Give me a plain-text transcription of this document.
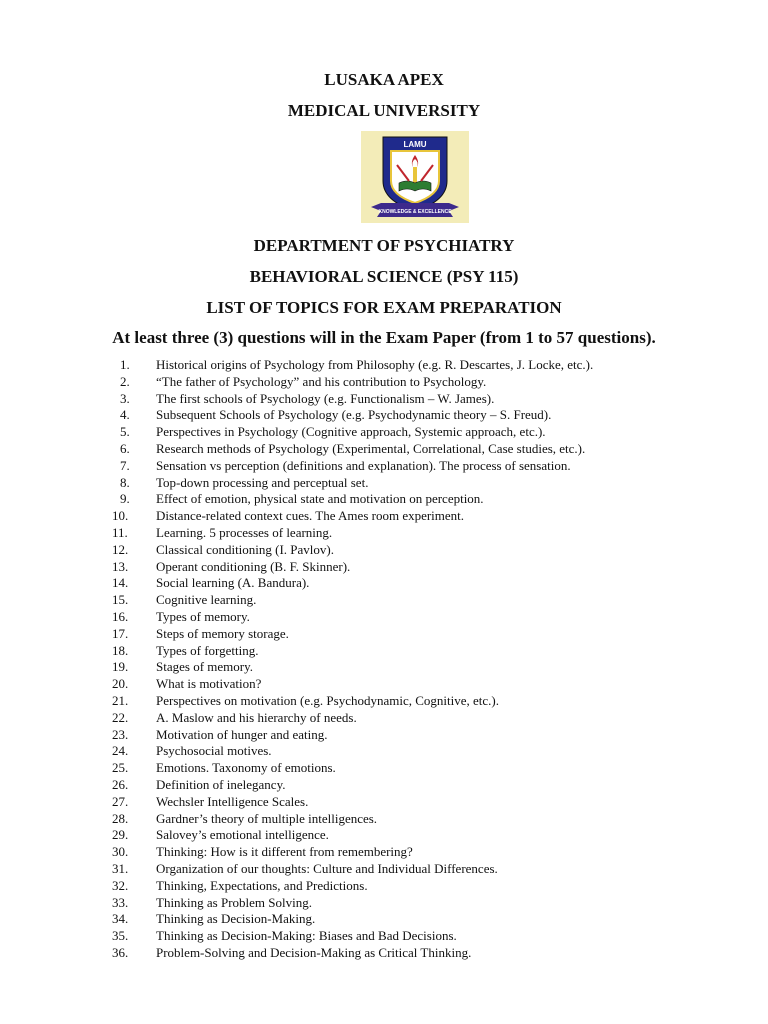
LUSAKA APEX
MEDICAL UNIVERSITY
LAMU
KNOWLEDGE & EXCELLENCE
DEPARTMENT OF PSYCHIATRY
BEHAVIORAL SCIENCE (PSY 115)
LIST OF TOPICS FOR EXAM PREPARATION
At least three (3) questions will in the Exam Paper (from 1 to 57 questions).
1.	Historical origins of Psychology from Philosophy (e.g. R. Descartes, J. Locke, etc.).
2.	“The father of Psychology” and his contribution to Psychology.
3.	The first schools of Psychology (e.g. Functionalism – W. James).
4.	Subsequent Schools of Psychology (e.g. Psychodynamic theory – S. Freud).
5.	Perspectives in Psychology (Cognitive approach, Systemic approach, etc.).
6.	Research methods of Psychology (Experimental, Correlational, Case studies, etc.).
7.	Sensation vs perception (definitions and explanation). The process of sensation.
8.	Top-down processing and perceptual set.
9.	Effect of emotion, physical state and motivation on perception.
10.	Distance-related context cues. The Ames room experiment.
11.	Learning. 5 processes of learning.
12.	Classical conditioning (I. Pavlov).
13.	Operant conditioning (B. F. Skinner).
14.	Social learning (A. Bandura).
15.	Cognitive learning.
16.	Types of memory.
17.	Steps of memory storage.
18.	Types of forgetting.
19.	Stages of memory.
20.	What is motivation?
21.	Perspectives on motivation (e.g. Psychodynamic, Cognitive, etc.).
22.	A. Maslow and his hierarchy of needs.
23.	Motivation of hunger and eating.
24.	Psychosocial motives.
25.	Emotions. Taxonomy of emotions.
26.	Definition of inelegancy.
27.	Wechsler Intelligence Scales.
28.	Gardner’s theory of multiple intelligences.
29.	Salovey’s emotional intelligence.
30.	Thinking: How is it different from remembering?
31.	Organization of our thoughts: Culture and Individual Differences.
32.	Thinking, Expectations, and Predictions.
33.	Thinking as Problem Solving.
34.	Thinking as Decision-Making.
35.	Thinking as Decision-Making: Biases and Bad Decisions.
36.	Problem-Solving and Decision-Making as Critical Thinking.
